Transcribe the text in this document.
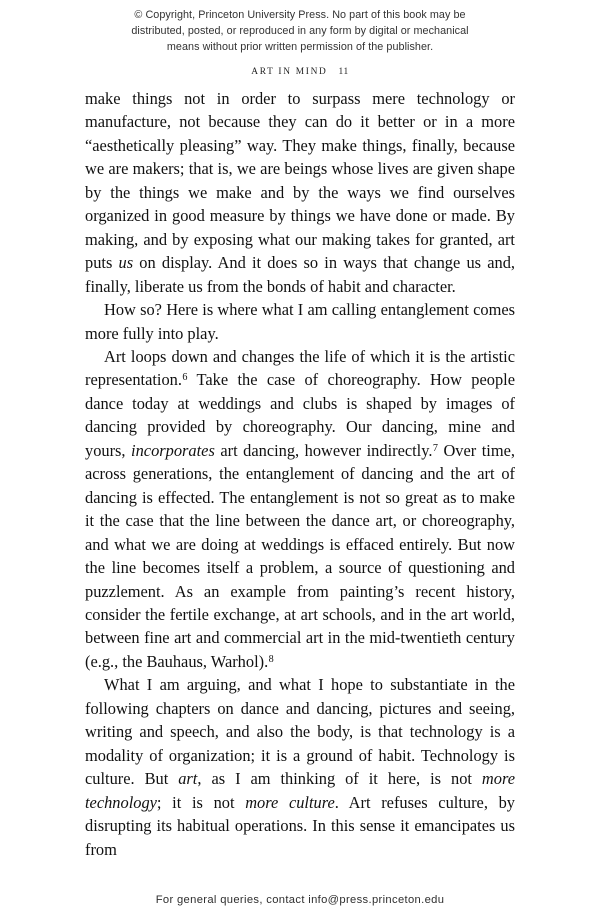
© Copyright, Princeton University Press. No part of this book may be
distributed, posted, or reproduced in any form by digital or mechanical
means without prior written permission of the publisher.
ART IN MIND 11

make things not in order to surpass mere technology or manufacture, not because they can do it better or in a more “aesthetically pleasing” way. They make things, finally, because we are makers; that is, we are beings whose lives are given shape by the things we make and by the ways we find ourselves organized in good measure by things we have done or made. By making, and by exposing what our making takes for granted, art puts us on display. And it does so in ways that change us and, finally, liberate us from the bonds of habit and character.

How so? Here is where what I am calling entanglement comes more fully into play.

Art loops down and changes the life of which it is the artistic representation.$^6$ Take the case of choreography. How people dance today at weddings and clubs is shaped by images of dancing provided by choreography. Our dancing, mine and yours, incorporates art dancing, however indirectly.$^7$ Over time, across generations, the entanglement of dancing and the art of dancing is effected. The entanglement is not so great as to make it the case that the line between the dance art, or choreography, and what we are doing at weddings is effaced entirely. But now the line becomes itself a problem, a source of questioning and puzzlement. As an example from painting’s recent history, consider the fertile exchange, at art schools, and in the art world, between fine art and commercial art in the mid-twentieth century (e.g., the Bauhaus, Warhol).$^8$

What I am arguing, and what I hope to substantiate in the following chapters on dance and dancing, pictures and seeing, writing and speech, and also the body, is that technology is a modality of organization; it is a ground of habit. Technology is culture. But art, as I am thinking of it here, is not more technology; it is not more culture. Art refuses culture, by disrupting its habitual operations. In this sense it emancipates us from

For general queries, contact info@press.princeton.edu
